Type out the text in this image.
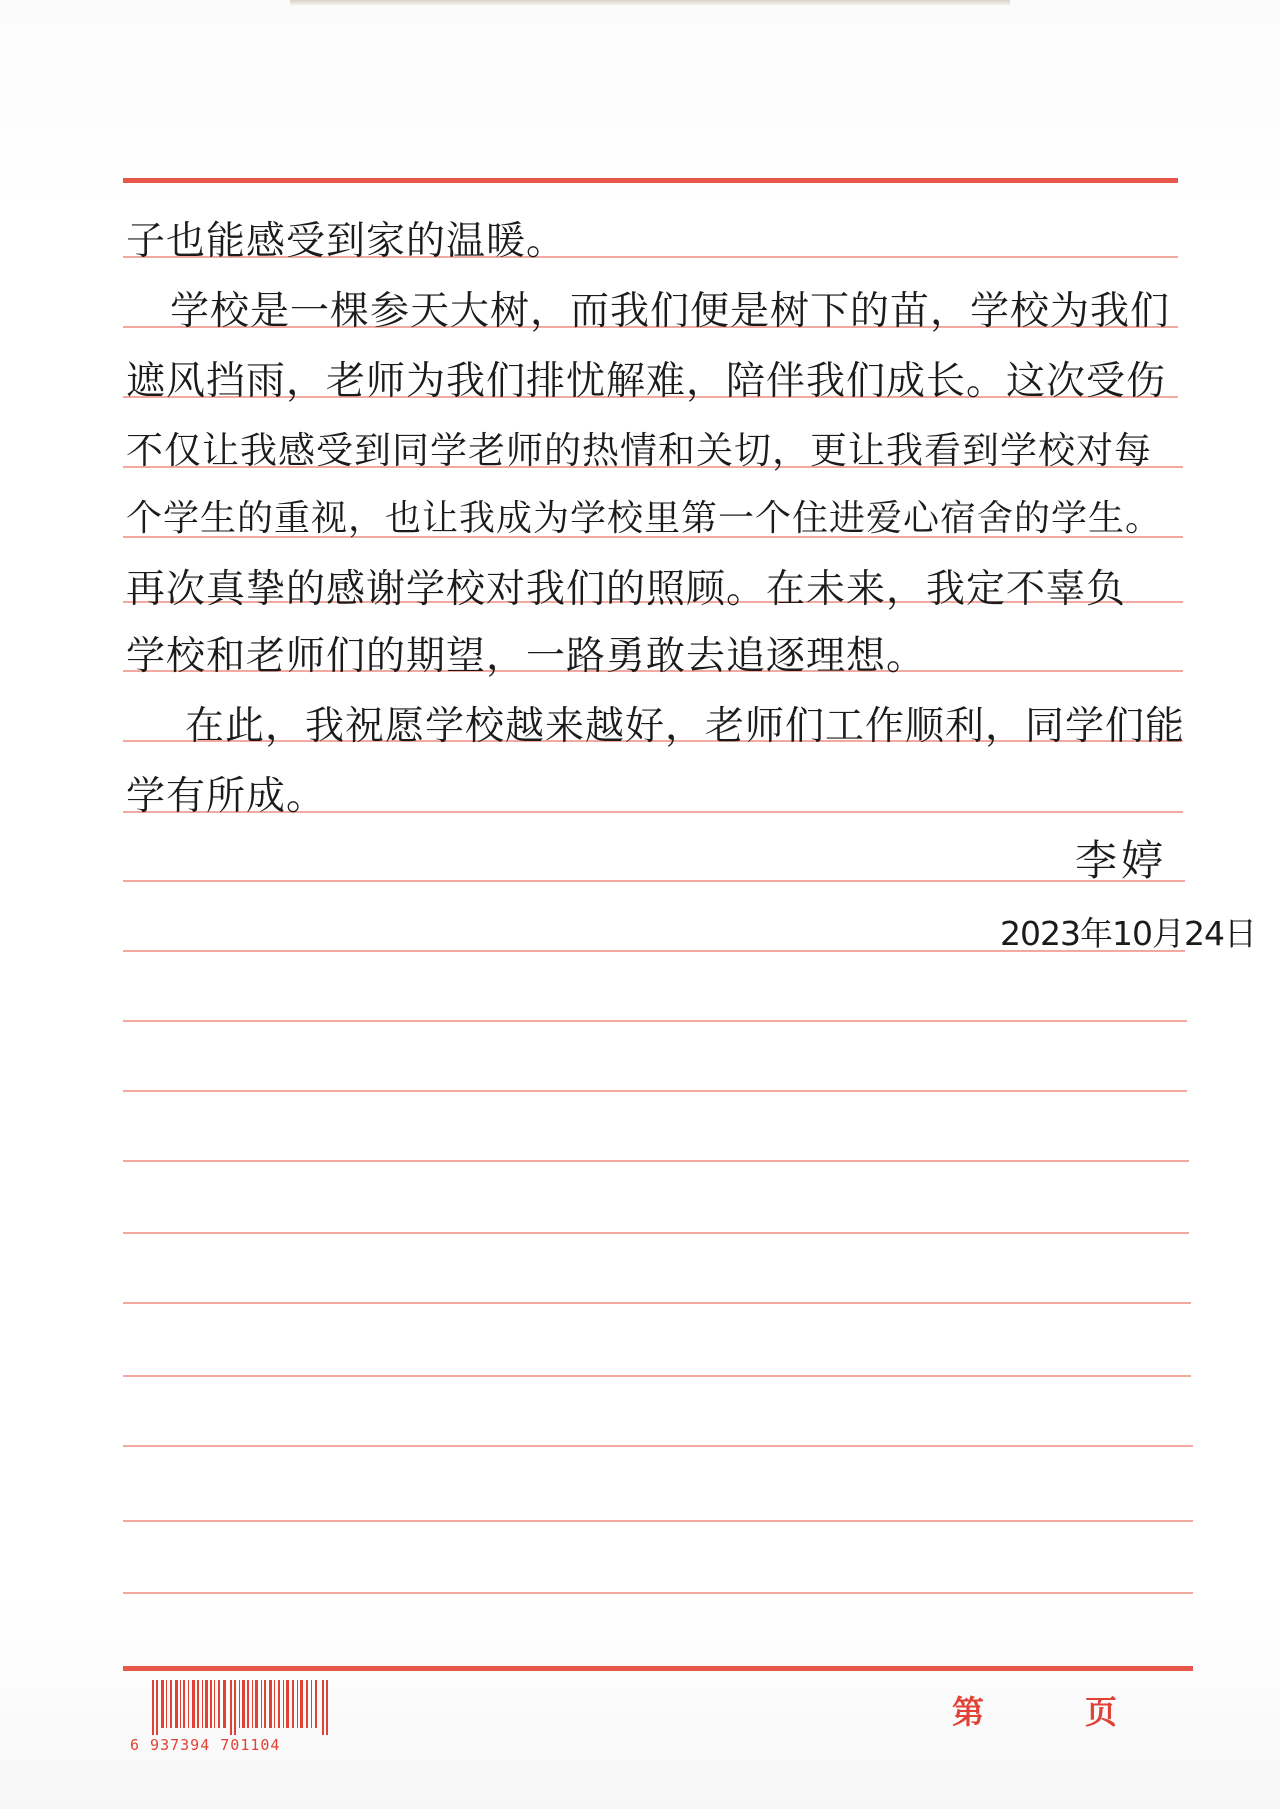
子也能感受到家的温暖。
学校是一棵参天大树，而我们便是树下的苗，学校为我们
遮风挡雨，老师为我们排忧解难，陪伴我们成长。这次受伤
不仅让我感受到同学老师的热情和关切，更让我看到学校对每
个学生的重视，也让我成为学校里第一个住进爱心宿舍的学生。
再次真挚的感谢学校对我们的照顾。在未来，我定不辜负
学校和老师们的期望，一路勇敢去追逐理想。
在此，我祝愿学校越来越好，老师们工作顺利，同学们能
学有所成。
李婷
2023年10月24日
6 937394 701104
第	页
